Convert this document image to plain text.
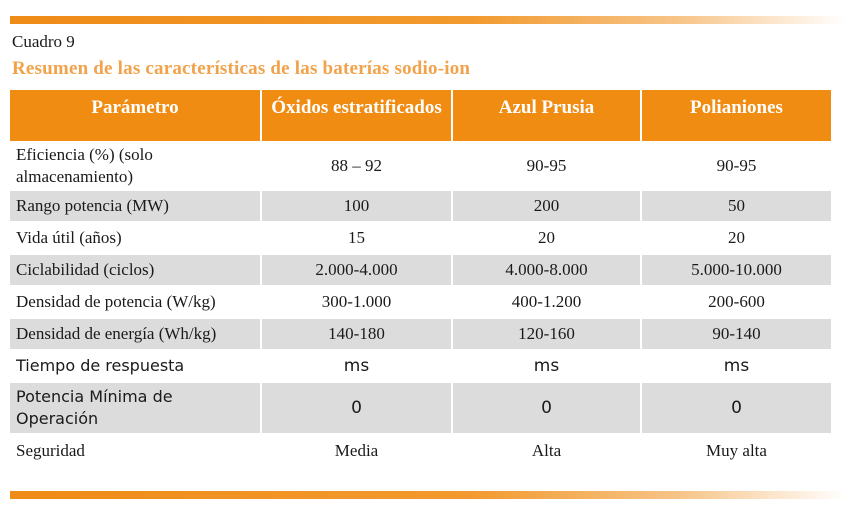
Cuadro 9
Resumen de las características de las baterías sodio-ion
Parámetro	Óxidos estratificados	Azul Prusia	Polianiones
Eficiencia (%) (solo almacenamiento)	88 – 92	90-95	90-95
Rango potencia (MW)	100	200	50
Vida útil (años)	15	20	20
Ciclabilidad (ciclos)	2.000-4.000	4.000-8.000	5.000-10.000
Densidad de potencia (W/kg)	300-1.000	400-1.200	200-600
Densidad de energía (Wh/kg)	140-180	120-160	90-140
Tiempo de respuesta	ms	ms	ms
Potencia Mínima de Operación	0	0	0
Seguridad	Media	Alta	Muy alta
